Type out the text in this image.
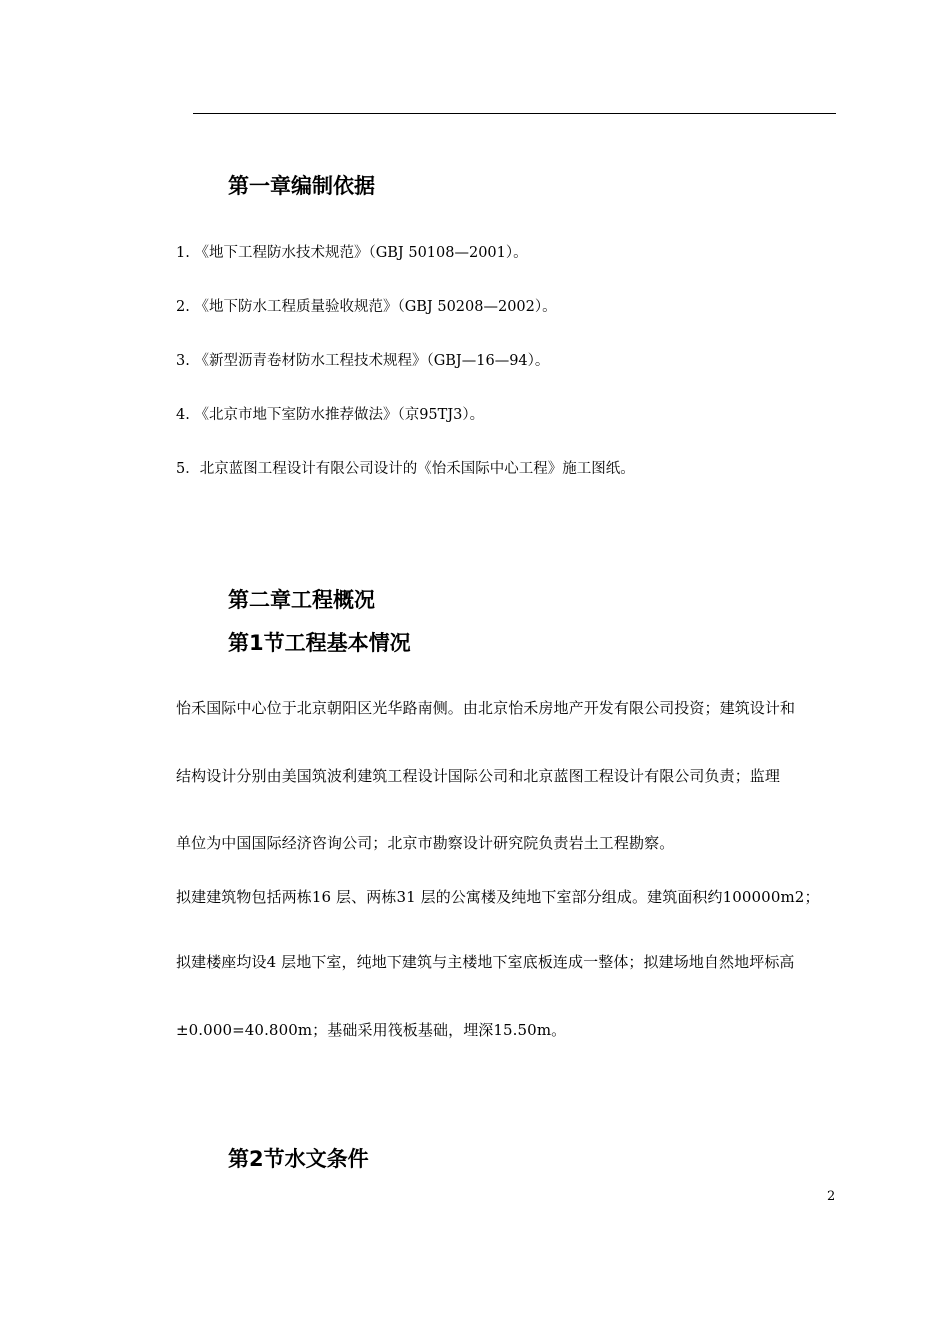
第一章编制依据
1. 《地下工程防水技术规范》（GBJ 50108—2001）。
2. 《地下防水工程质量验收规范》（GBJ 50208—2002）。
3. 《新型沥青卷材防水工程技术规程》（GBJ—16—94）。
4. 《北京市地下室防水推荐做法》（京95TJ3）。
5．北京蓝图工程设计有限公司设计的《怡禾国际中心工程》施工图纸。
第二章工程概况
第1节工程基本情况
怡禾国际中心位于北京朝阳区光华路南侧。由北京怡禾房地产开发有限公司投资；建筑设计和
结构设计分别由美国筑波利建筑工程设计国际公司和北京蓝图工程设计有限公司负责；监理
单位为中国国际经济咨询公司；北京市勘察设计研究院负责岩土工程勘察。
拟建建筑物包括两栋16 层、两栋31 层的公寓楼及纯地下室部分组成。建筑面积约100000m2；
拟建楼座均设4 层地下室，纯地下建筑与主楼地下室底板连成一整体；拟建场地自然地坪标高
±0.000=40.800m；基础采用筏板基础，埋深15.50m。
第2节水文条件
2
